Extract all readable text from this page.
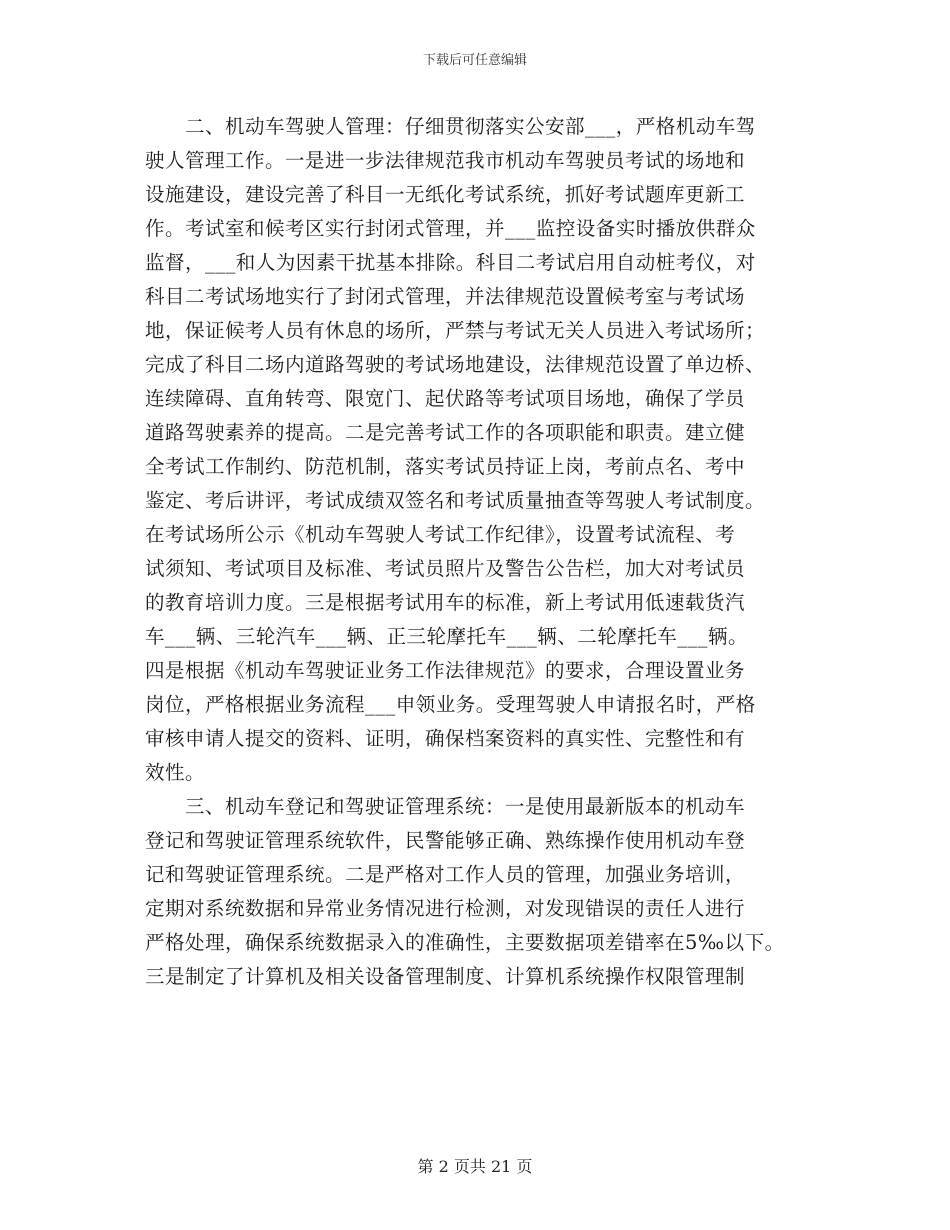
下载后可任意编辑
二、机动车驾驶人管理：仔细贯彻落实公安部___，严格机动车驾
驶人管理工作。一是进一步法律规范我市机动车驾驶员考试的场地和
设施建设，建设完善了科目一无纸化考试系统，抓好考试题库更新工
作。考试室和候考区实行封闭式管理，并___监控设备实时播放供群众
监督，___和人为因素干扰基本排除。科目二考试启用自动桩考仪，对
科目二考试场地实行了封闭式管理，并法律规范设置候考室与考试场
地，保证候考人员有休息的场所，严禁与考试无关人员进入考试场所；
完成了科目二场内道路驾驶的考试场地建设，法律规范设置了单边桥、
连续障碍、直角转弯、限宽门、起伏路等考试项目场地，确保了学员
道路驾驶素养的提高。二是完善考试工作的各项职能和职责。建立健
全考试工作制约、防范机制，落实考试员持证上岗，考前点名、考中
鉴定、考后讲评，考试成绩双签名和考试质量抽查等驾驶人考试制度。
在考试场所公示《机动车驾驶人考试工作纪律》，设置考试流程、考
试须知、考试项目及标准、考试员照片及警告公告栏，加大对考试员
的教育培训力度。三是根据考试用车的标准，新上考试用低速载货汽
车___辆、三轮汽车___辆、正三轮摩托车___辆、二轮摩托车___辆。
四是根据《机动车驾驶证业务工作法律规范》的要求，合理设置业务
岗位，严格根据业务流程___申领业务。受理驾驶人申请报名时，严格
审核申请人提交的资料、证明，确保档案资料的真实性、完整性和有
效性。
三、机动车登记和驾驶证管理系统：一是使用最新版本的机动车
登记和驾驶证管理系统软件，民警能够正确、熟练操作使用机动车登
记和驾驶证管理系统。二是严格对工作人员的管理，加强业务培训，
定期对系统数据和异常业务情况进行检测，对发现错误的责任人进行
严格处理，确保系统数据录入的准确性，主要数据项差错率在5‰以下。
三是制定了计算机及相关设备管理制度、计算机系统操作权限管理制
第 2 页共 21 页
